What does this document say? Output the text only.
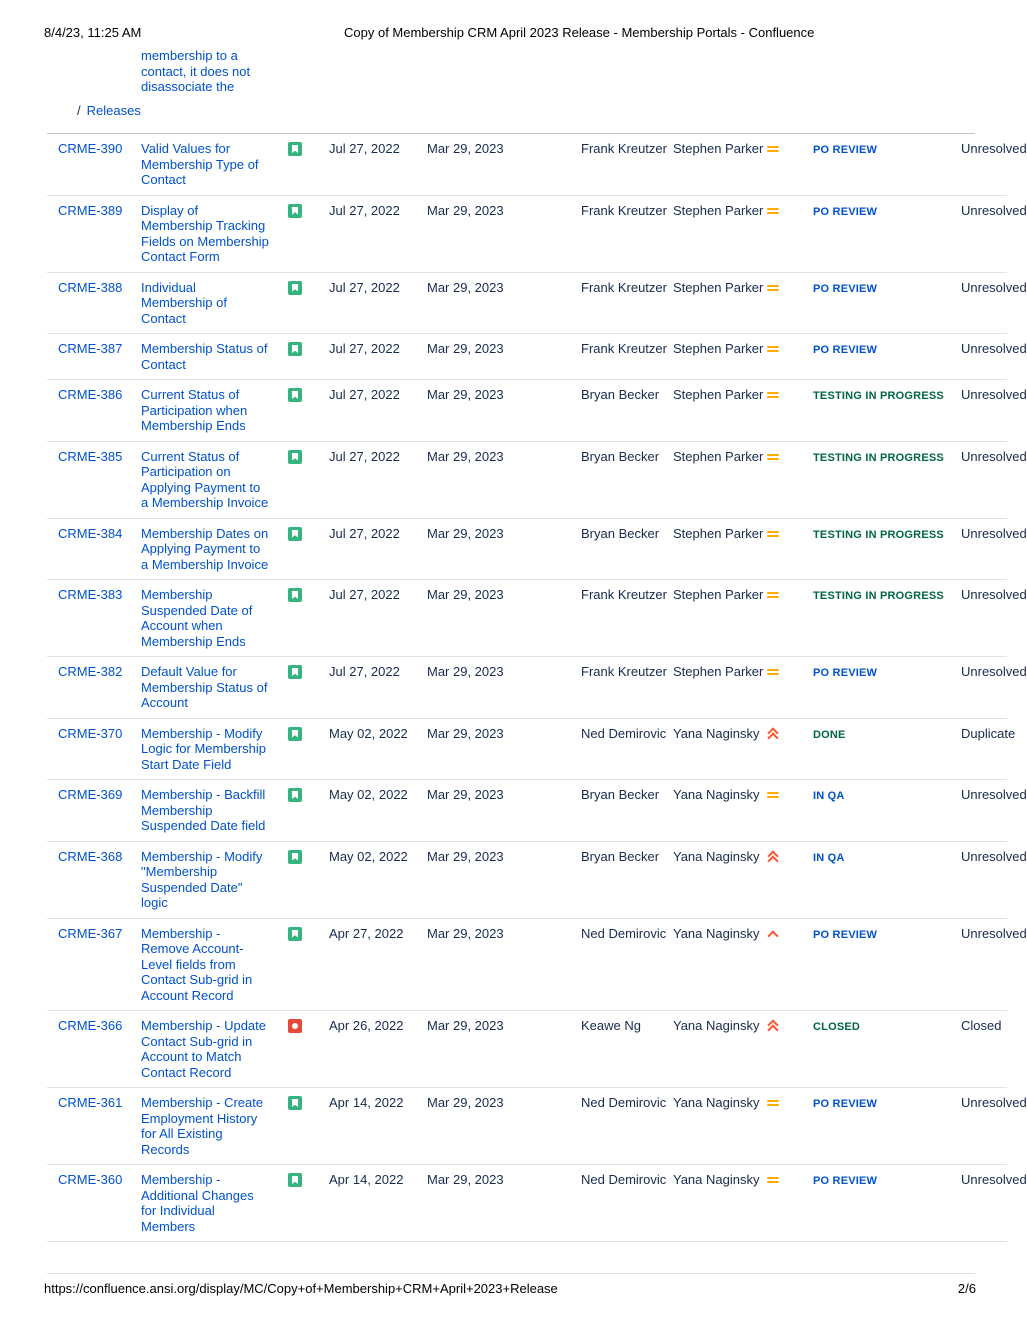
8/4/23, 11:25 AM	Copy of Membership CRM April 2023 Release - Membership Portals - Confluence
membership to a contact, it does not disassociate the
/ Releases
CRME-390	Valid Values for Membership Type of Contact		Jul 27, 2022	Mar 29, 2023	Frank Kreutzer	Stephen Parker		PO REVIEW	Unresolved
CRME-389	Display of Membership Tracking Fields on Membership Contact Form		Jul 27, 2022	Mar 29, 2023	Frank Kreutzer	Stephen Parker		PO REVIEW	Unresolved
CRME-388	Individual Membership of Contact		Jul 27, 2022	Mar 29, 2023	Frank Kreutzer	Stephen Parker		PO REVIEW	Unresolved
CRME-387	Membership Status of Contact		Jul 27, 2022	Mar 29, 2023	Frank Kreutzer	Stephen Parker		PO REVIEW	Unresolved
CRME-386	Current Status of Participation when Membership Ends		Jul 27, 2022	Mar 29, 2023	Bryan Becker	Stephen Parker		TESTING IN PROGRESS	Unresolved
CRME-385	Current Status of Participation on Applying Payment to a Membership Invoice		Jul 27, 2022	Mar 29, 2023	Bryan Becker	Stephen Parker		TESTING IN PROGRESS	Unresolved
CRME-384	Membership Dates on Applying Payment to a Membership Invoice		Jul 27, 2022	Mar 29, 2023	Bryan Becker	Stephen Parker		TESTING IN PROGRESS	Unresolved
CRME-383	Membership Suspended Date of Account when Membership Ends		Jul 27, 2022	Mar 29, 2023	Frank Kreutzer	Stephen Parker		TESTING IN PROGRESS	Unresolved
CRME-382	Default Value for Membership Status of Account		Jul 27, 2022	Mar 29, 2023	Frank Kreutzer	Stephen Parker		PO REVIEW	Unresolved
CRME-370	Membership - Modify Logic for Membership Start Date Field		May 02, 2022	Mar 29, 2023	Ned Demirovic	Yana Naginsky		DONE	Duplicate
CRME-369	Membership - Backfill Membership Suspended Date field		May 02, 2022	Mar 29, 2023	Bryan Becker	Yana Naginsky		IN QA	Unresolved
CRME-368	Membership - Modify "Membership Suspended Date" logic		May 02, 2022	Mar 29, 2023	Bryan Becker	Yana Naginsky		IN QA	Unresolved
CRME-367	Membership - Remove Account-Level fields from Contact Sub-grid in Account Record		Apr 27, 2022	Mar 29, 2023	Ned Demirovic	Yana Naginsky		PO REVIEW	Unresolved
CRME-366	Membership - Update Contact Sub-grid in Account to Match Contact Record		Apr 26, 2022	Mar 29, 2023	Keawe Ng	Yana Naginsky		CLOSED	Closed
CRME-361	Membership - Create Employment History for All Existing Records		Apr 14, 2022	Mar 29, 2023	Ned Demirovic	Yana Naginsky		PO REVIEW	Unresolved
CRME-360	Membership - Additional Changes for Individual Members		Apr 14, 2022	Mar 29, 2023	Ned Demirovic	Yana Naginsky		PO REVIEW	Unresolved
https://confluence.ansi.org/display/MC/Copy+of+Membership+CRM+April+2023+Release	2/6
